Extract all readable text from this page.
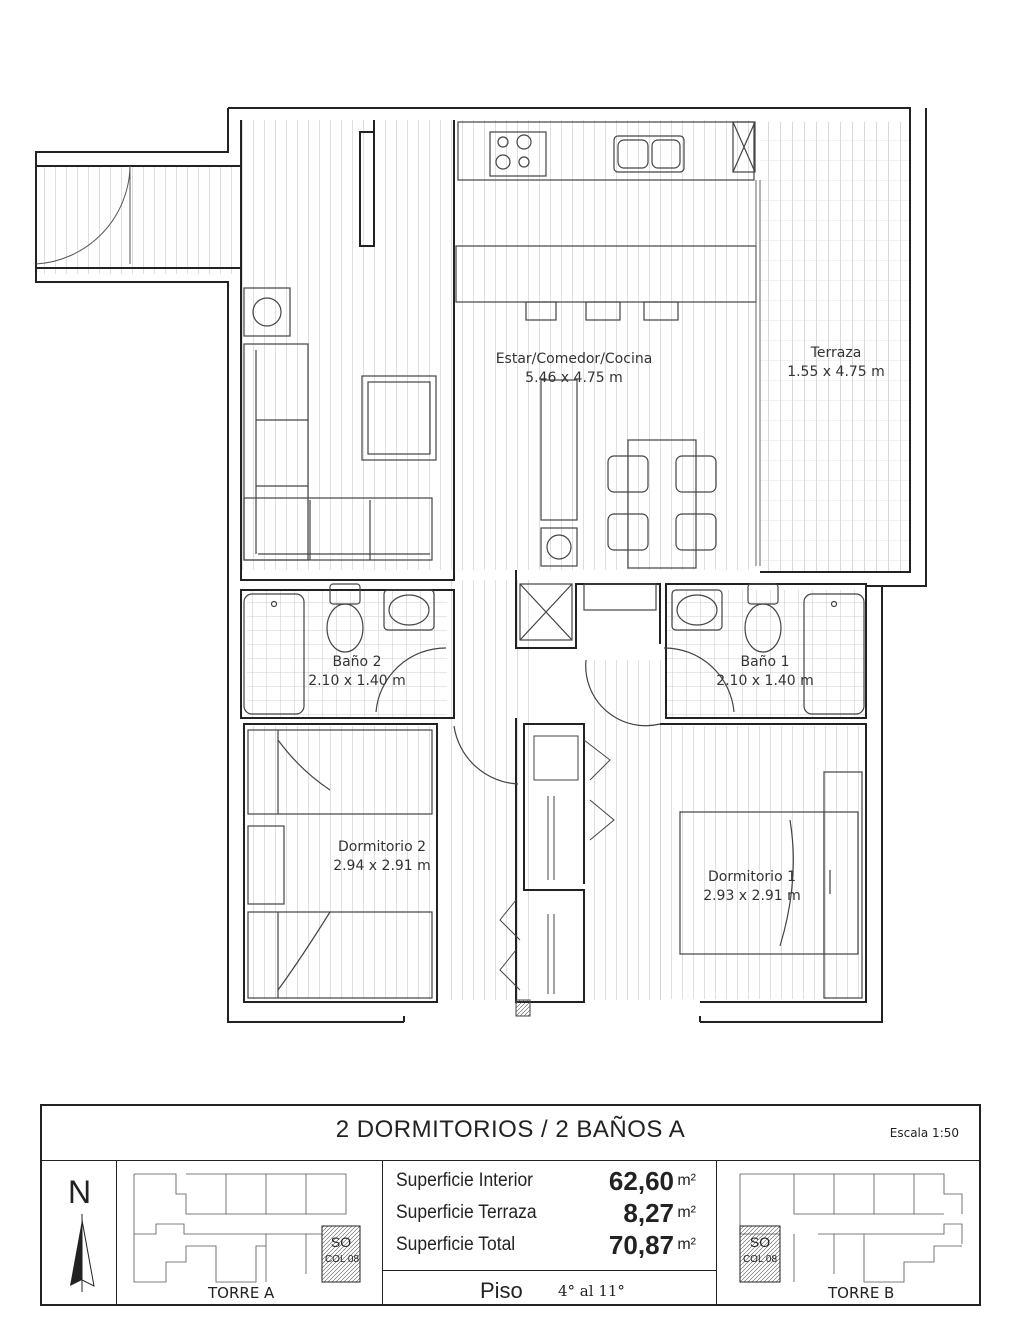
Estar/Comedor/Cocina
5.46 x 4.75 m
Terraza
1.55 x 4.75 m
Baño 2
2.10 x 1.40 m
Baño 1
2.10 x 1.40 m
Dormitorio 2
2.94 x 2.91 m
Dormitorio 1
2.93 x 2.91 m
2 DORMITORIOS / 2 BAÑOS A	Escala 1:50
N
SO
COL 08
TORRE A
Superficie Interior	62,60 m²
Superficie Terraza	8,27 m²
Superficie Total	70,87 m²
Piso 4° al 11°
SO
COL 08
TORRE B
